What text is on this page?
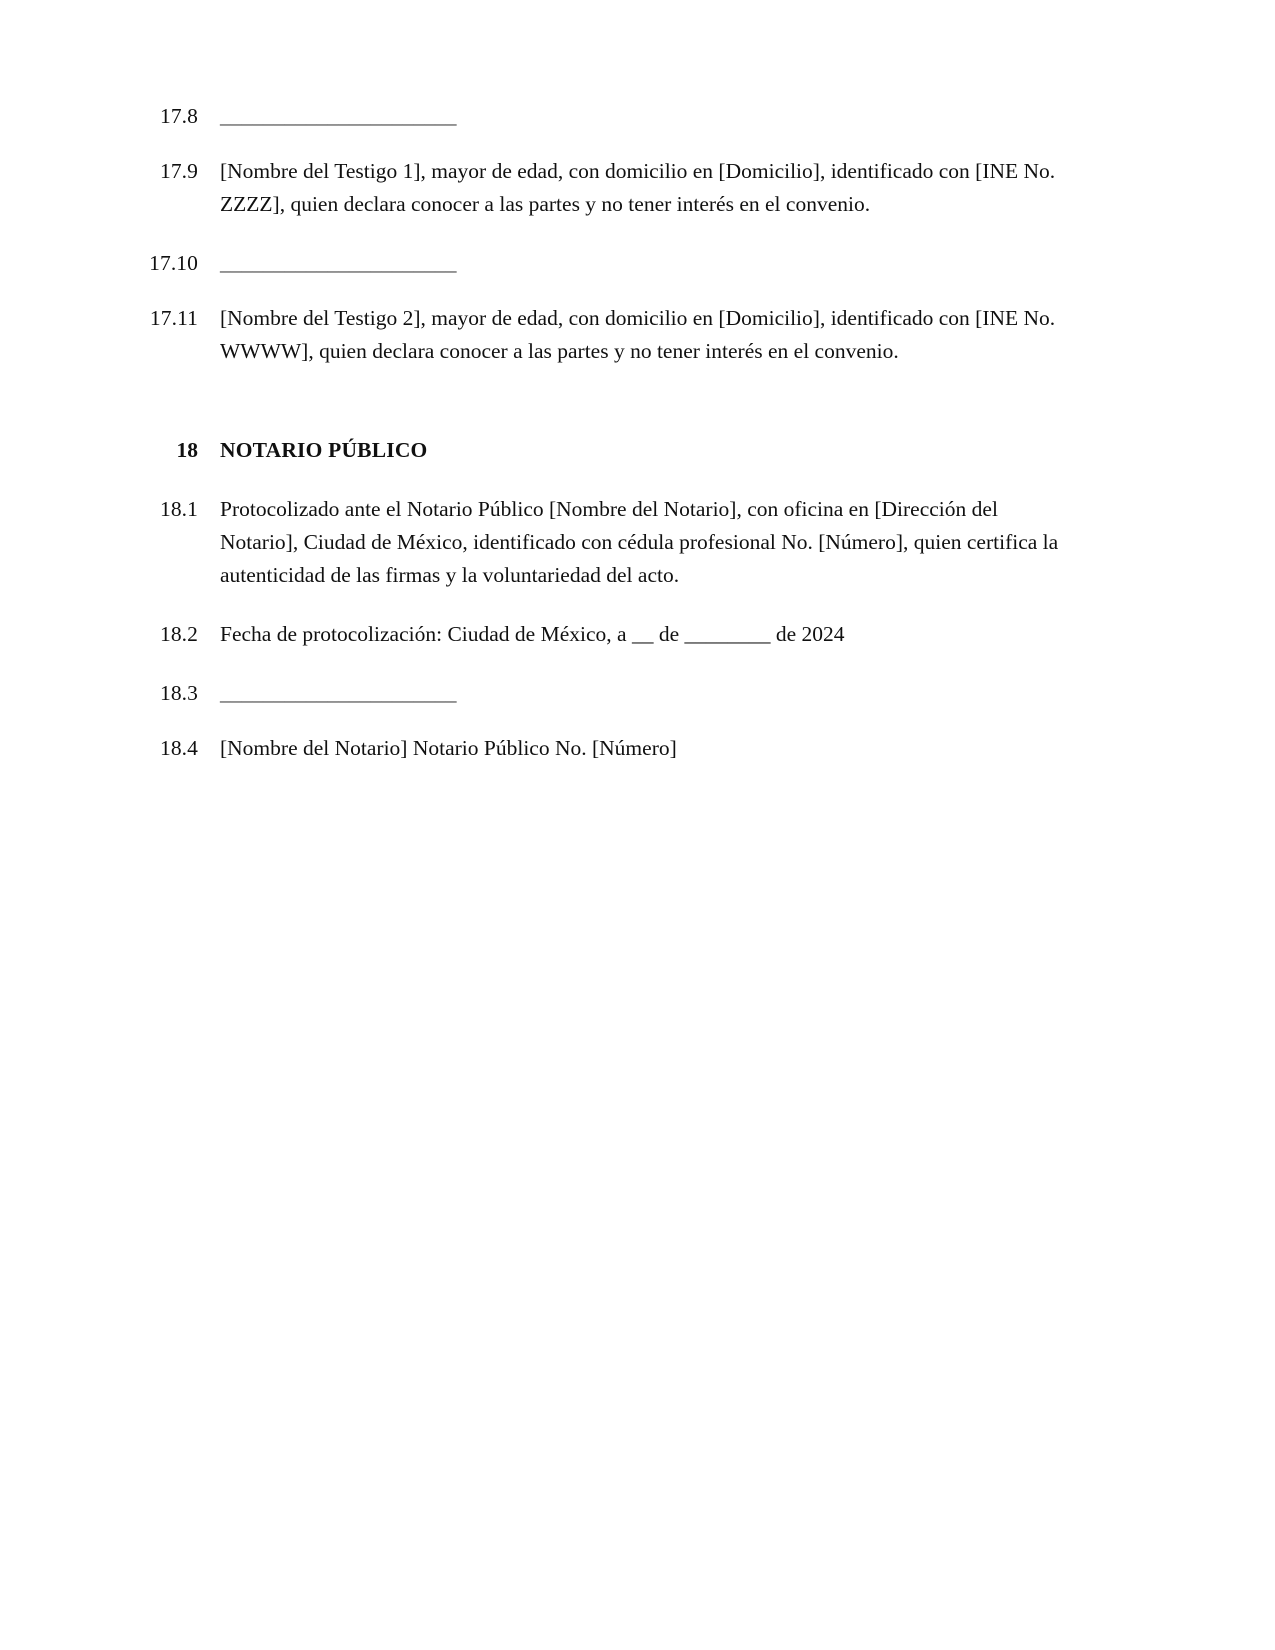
17.8	______________________
17.9	[Nombre del Testigo 1], mayor de edad, con domicilio en [Domicilio], identificado con [INE No. ZZZZ], quien declara conocer a las partes y no tener interés en el convenio.
17.10	______________________
17.11	[Nombre del Testigo 2], mayor de edad, con domicilio en [Domicilio], identificado con [INE No. WWWW], quien declara conocer a las partes y no tener interés en el convenio.
18	NOTARIO PÚBLICO
18.1	Protocolizado ante el Notario Público [Nombre del Notario], con oficina en [Dirección del Notario], Ciudad de México, identificado con cédula profesional No. [Número], quien certifica la autenticidad de las firmas y la voluntariedad del acto.
18.2	Fecha de protocolización: Ciudad de México, a __ de ________ de 2024
18.3	______________________
18.4	[Nombre del Notario] Notario Público No. [Número]
